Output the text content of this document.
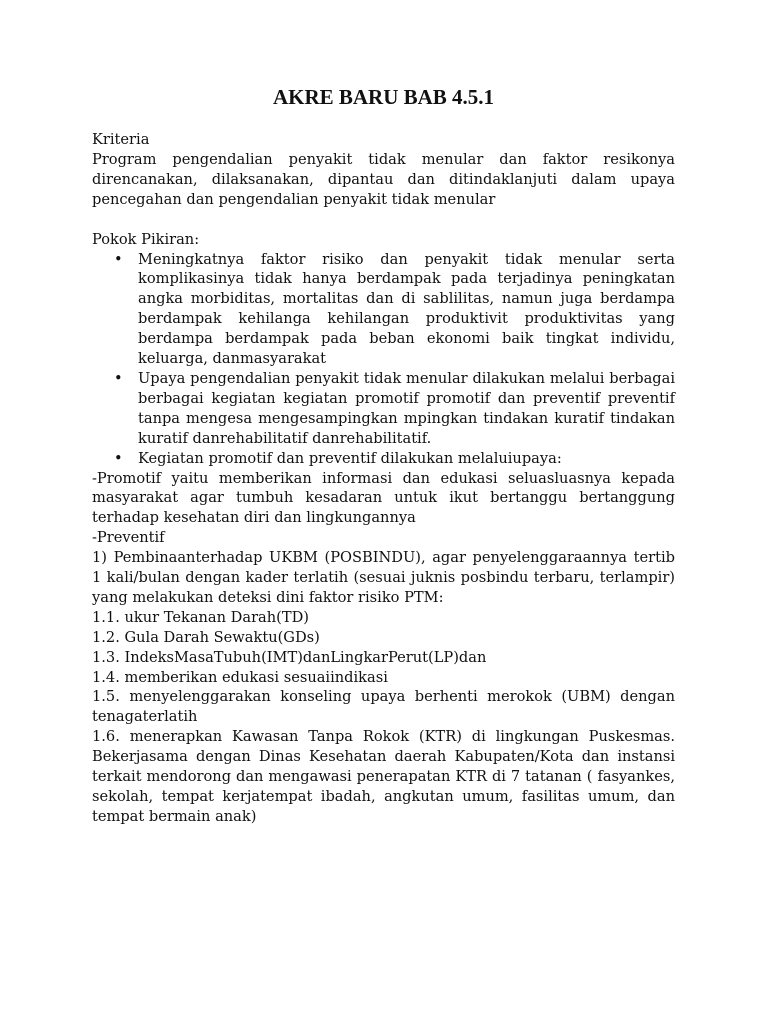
AKRE BARU BAB 4.5.1

Kriteria

Program pengendalian penyakit tidak menular dan faktor resikonya direncanakan, dilaksanakan, dipantau dan ditindaklanjuti dalam upaya pencegahan dan pengendalian penyakit tidak menular

Pokok Pikiran:

• Meningkatnya faktor risiko dan penyakit tidak menular serta komplikasinya tidak hanya berdampak pada terjadinya peningkatan angka morbiditas, mortalitas dan di sablilitas, namun juga berdampa berdampak kehilanga kehilangan produktivit produktivitas yang berdampa berdampak pada beban ekonomi baik tingkat individu, keluarga, danmasyarakat
• Upaya pengendalian penyakit tidak menular dilakukan melalui berbagai berbagai kegiatan kegiatan promotif promotif dan preventif preventif tanpa mengesa mengesampingkan mpingkan tindakan kuratif tindakan kuratif danrehabilitatif danrehabilitatif.
• Kegiatan promotif dan preventif dilakukan melaluiupaya:

-Promotif yaitu memberikan informasi dan edukasi seluasluasnya kepada masyarakat agar tumbuh kesadaran untuk ikut bertanggu bertanggung terhadap kesehatan diri dan lingkungannya

-Preventif

1) Pembinaanterhadap UKBM (POSBINDU), agar penyelenggaraannya tertib 1 kali/bulan dengan kader terlatih (sesuai juknis posbindu terbaru, terlampir) yang melakukan deteksi dini faktor risiko PTM:

1.1. ukur Tekanan Darah(TD)

1.2. Gula Darah Sewaktu(GDs)

1.3. IndeksMasaTubuh(IMT)danLingkarPerut(LP)dan

1.4. memberikan edukasi sesuaiindikasi

1.5. menyelenggarakan konseling upaya berhenti merokok (UBM) dengan tenagaterlatih

1.6. menerapkan Kawasan Tanpa Rokok (KTR) di lingkungan Puskesmas. Bekerjasama dengan Dinas Kesehatan daerah Kabupaten/Kota dan instansi terkait mendorong dan mengawasi penerapatan KTR di 7 tatanan ( fasyankes, sekolah, tempat kerjatempat ibadah, angkutan umum, fasilitas umum, dan tempat bermain anak)
